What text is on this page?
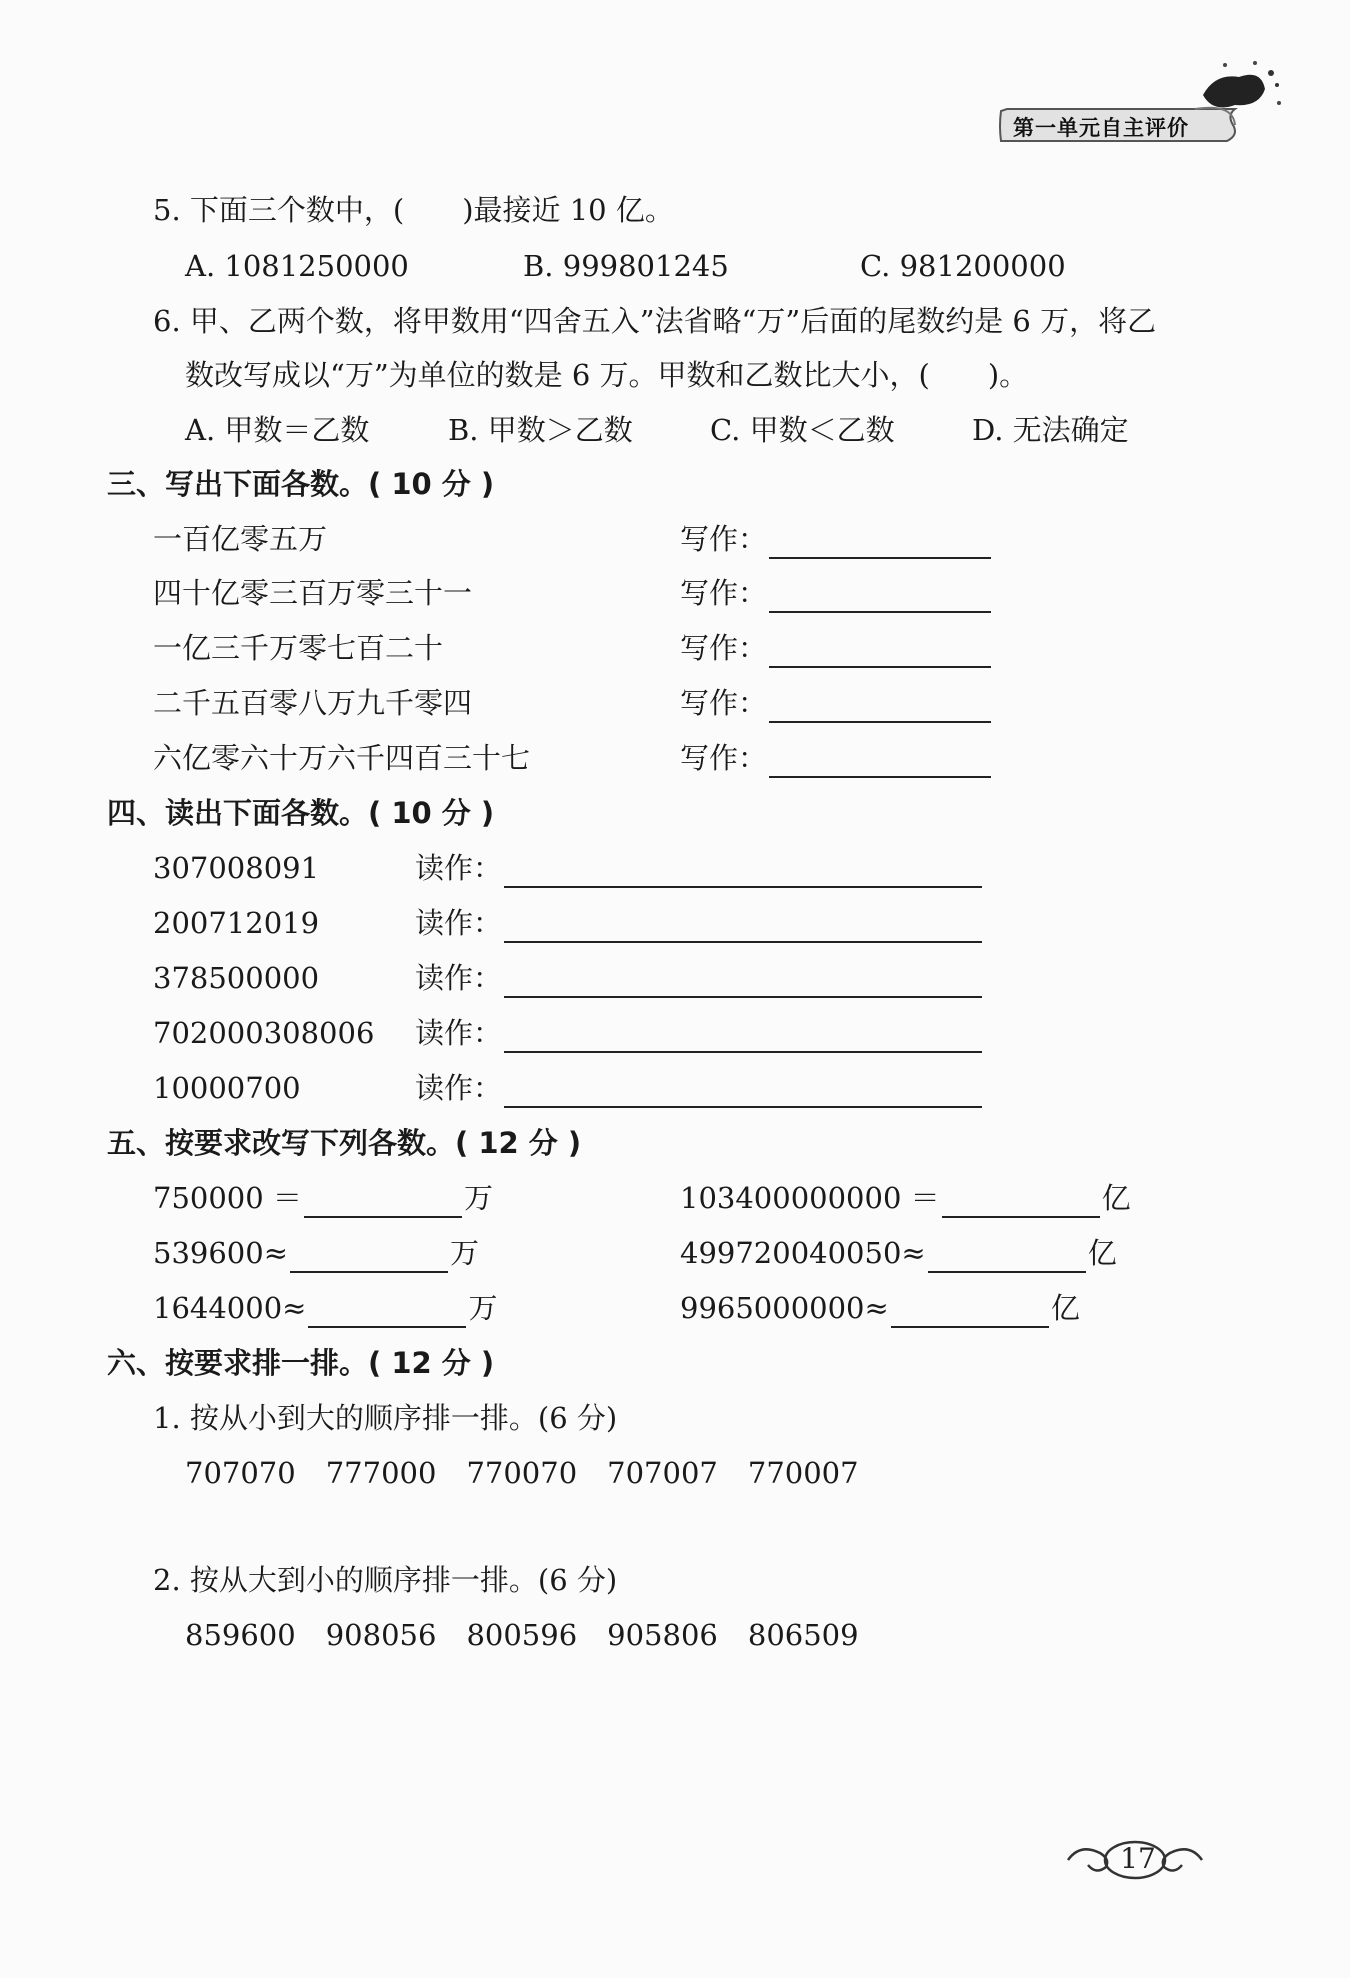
第一单元自主评价
5. 下面三个数中，(　　)最接近 10 亿。
A. 1081250000	B. 999801245	C. 981200000
6. 甲、乙两个数，将甲数用“四舍五入”法省略“万”后面的尾数约是 6 万，将乙
数改写成以“万”为单位的数是 6 万。甲数和乙数比大小，(　　)。
A. 甲数＝乙数	B. 甲数＞乙数	C. 甲数＜乙数	D. 无法确定
三、写出下面各数。( 10 分 )
一百亿零五万	写作：
四十亿零三百万零三十一	写作：
一亿三千万零七百二十	写作：
二千五百零八万九千零四	写作：
六亿零六十万六千四百三十七	写作：
四、读出下面各数。( 10 分 )
307008091	读作：
200712019	读作：
378500000	读作：
702000308006 读作：
10000700	读作：
五、按要求改写下列各数。( 12 分 )
750000 ＝	万	103400000000 ＝	亿
539600≈	万	499720040050≈	亿
1644000≈	万	9965000000≈	亿
六、按要求排一排。( 12 分 )
1. 按从小到大的顺序排一排。(6 分)
707070 777000 770070 707007 770007
2. 按从大到小的顺序排一排。(6 分)
859600 908056 800596 905806 806509
17
